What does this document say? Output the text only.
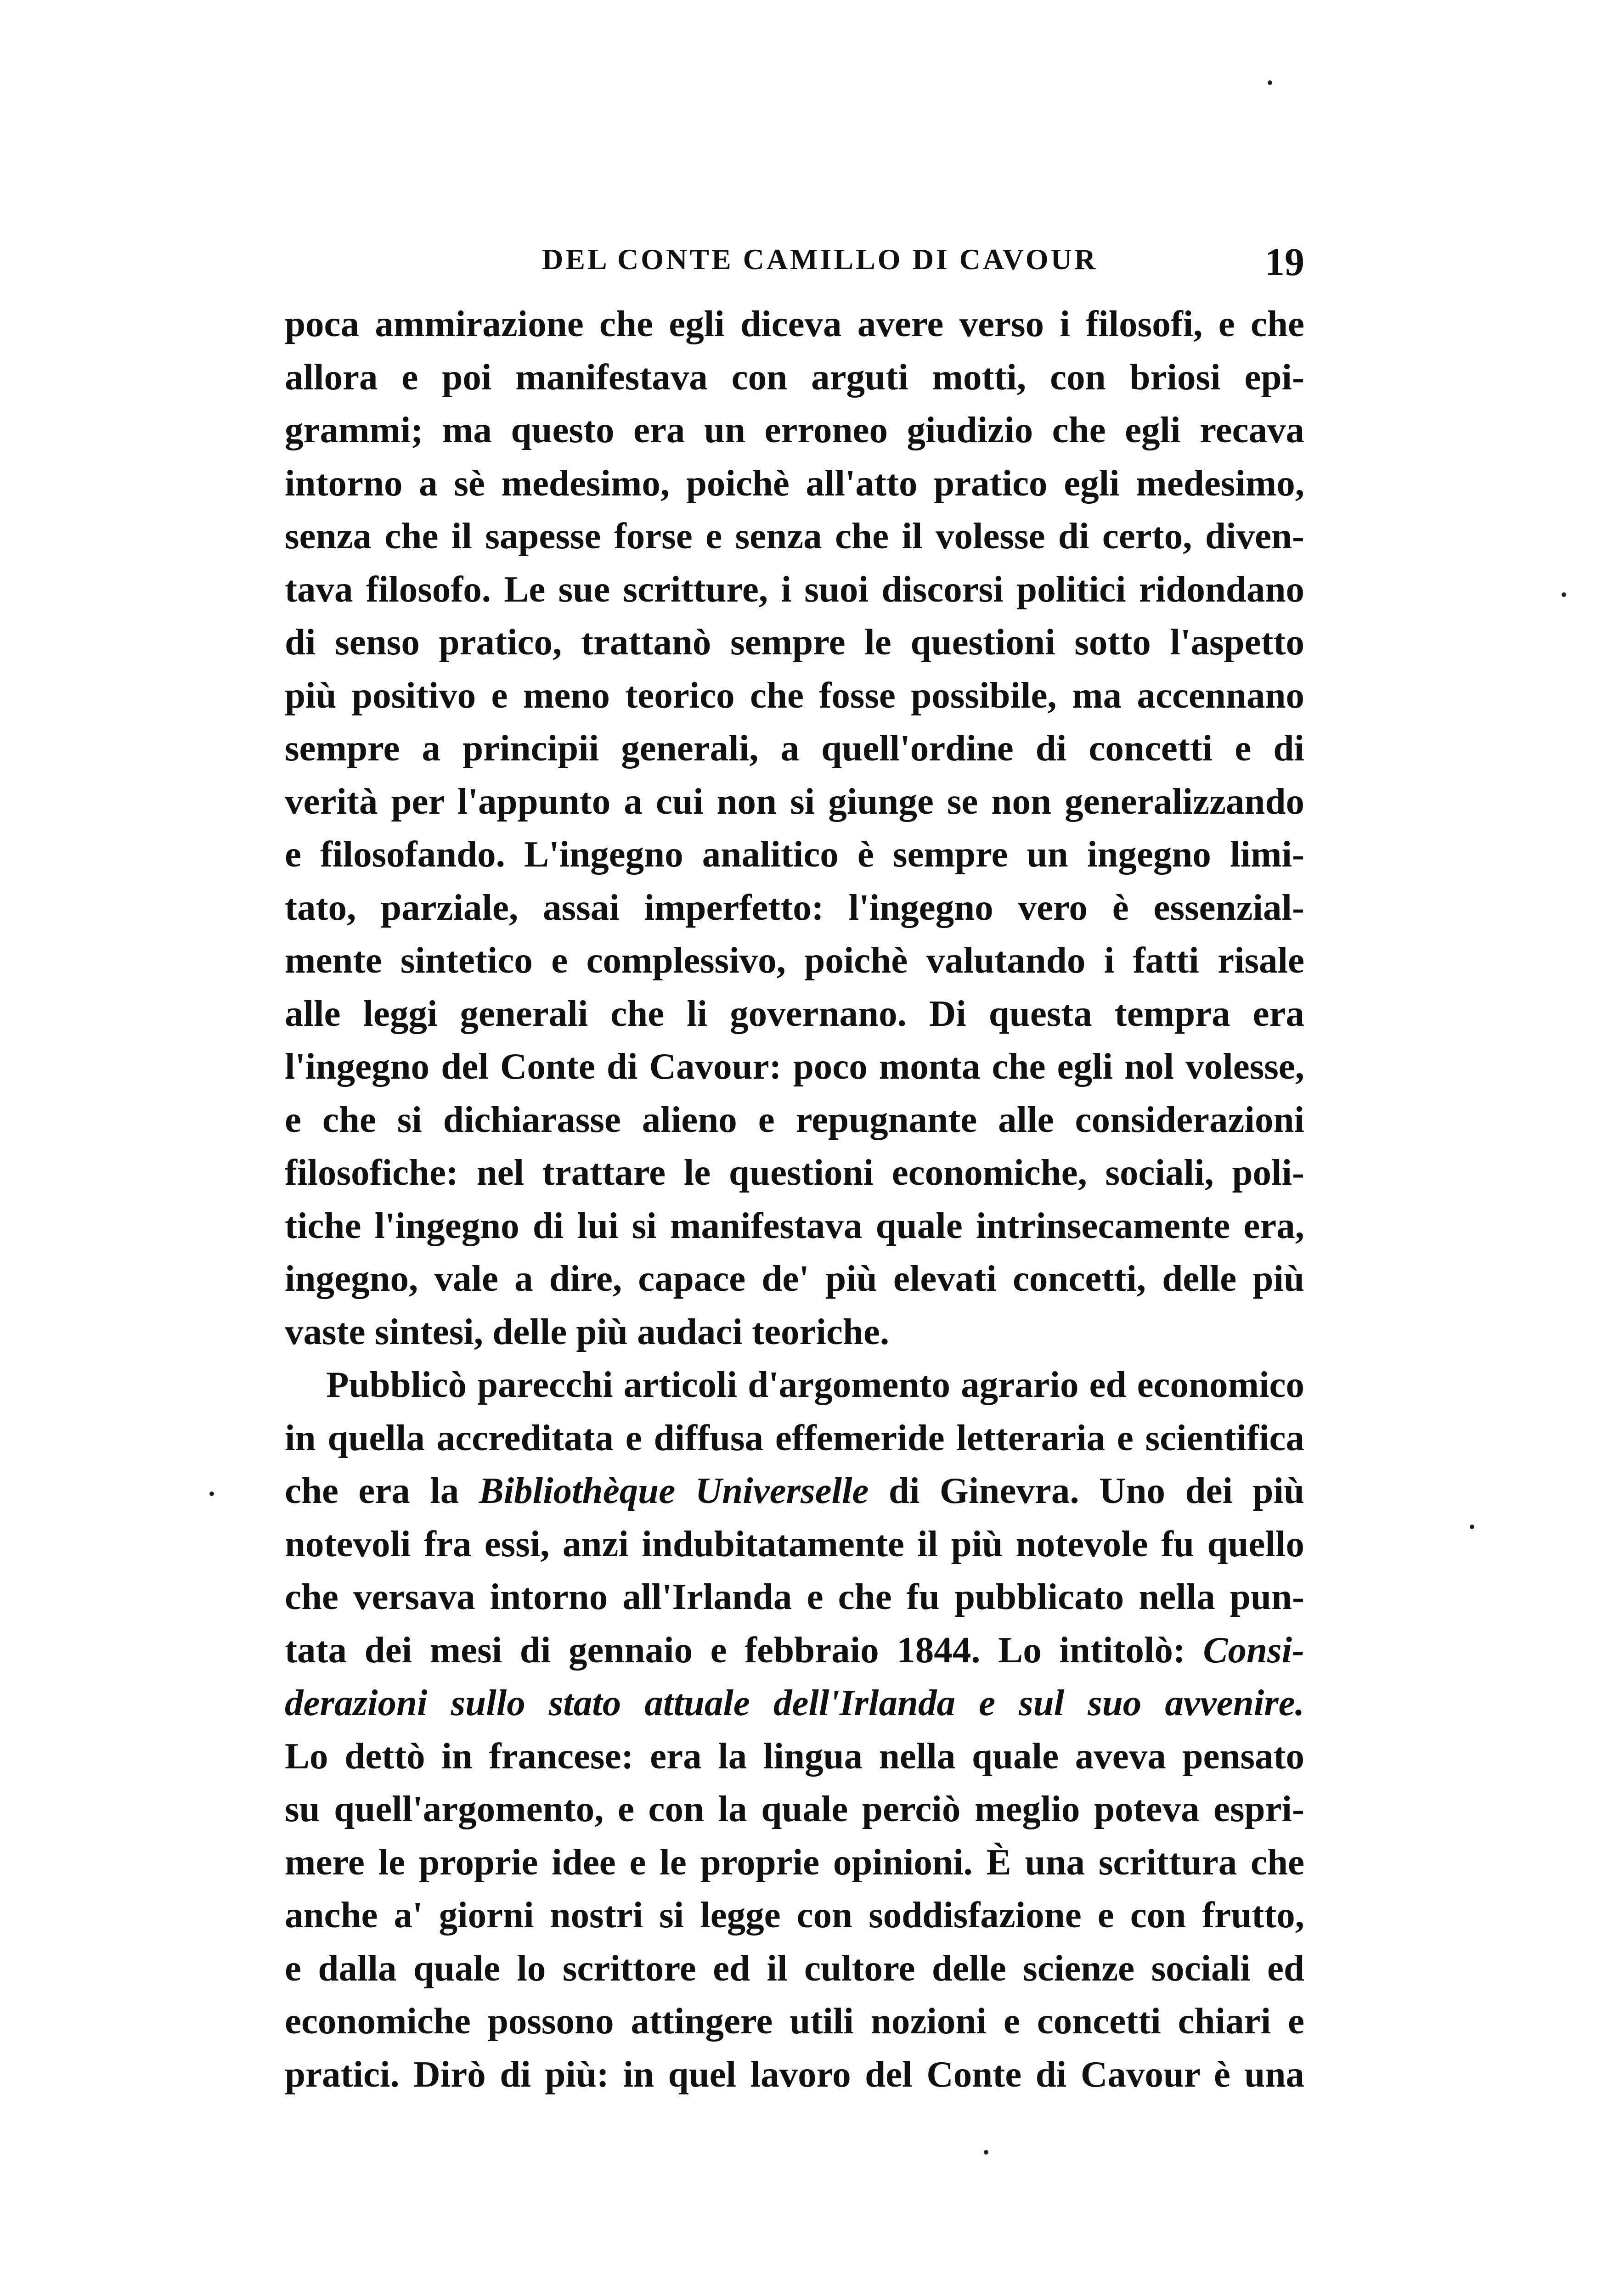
DEL CONTE CAMILLO DI CAVOUR	19
poca ammirazione che egli diceva avere verso i filosofi, e che
allora e poi manifestava con arguti motti, con briosi epi-
grammi; ma questo era un erroneo giudizio che egli recava
intorno a sè medesimo, poichè all'atto pratico egli medesimo,
senza che il sapesse forse e senza che il volesse di certo, diven-
tava filosofo. Le sue scritture, i suoi discorsi politici ridondano
di senso pratico, trattanò sempre le questioni sotto l'aspetto
più positivo e meno teorico che fosse possibile, ma accennano
sempre a principii generali, a quell'ordine di concetti e di
verità per l'appunto a cui non si giunge se non generalizzando
e filosofando. L'ingegno analitico è sempre un ingegno limi-
tato, parziale, assai imperfetto: l'ingegno vero è essenzial-
mente sintetico e complessivo, poichè valutando i fatti risale
alle leggi generali che li governano. Di questa tempra era
l'ingegno del Conte di Cavour: poco monta che egli nol volesse,
e che si dichiarasse alieno e repugnante alle considerazioni
filosofiche: nel trattare le questioni economiche, sociali, poli-
tiche l'ingegno di lui si manifestava quale intrinsecamente era,
ingegno, vale a dire, capace de' più elevati concetti, delle più
vaste sintesi, delle più audaci teoriche.
Pubblicò parecchi articoli d'argomento agrario ed economico
in quella accreditata e diffusa effemeride letteraria e scientifica
che era la Bibliothèque Universelle di Ginevra. Uno dei più
notevoli fra essi, anzi indubitatamente il più notevole fu quello
che versava intorno all'Irlanda e che fu pubblicato nella pun-
tata dei mesi di gennaio e febbraio 1844. Lo intitolò: Consi-
derazioni sullo stato attuale dell'Irlanda e sul suo avvenire.
Lo dettò in francese: era la lingua nella quale aveva pensato
su quell'argomento, e con la quale perciò meglio poteva espri-
mere le proprie idee e le proprie opinioni. È una scrittura che
anche a' giorni nostri si legge con soddisfazione e con frutto,
e dalla quale lo scrittore ed il cultore delle scienze sociali ed
economiche possono attingere utili nozioni e concetti chiari e
pratici. Dirò di più: in quel lavoro del Conte di Cavour è una
